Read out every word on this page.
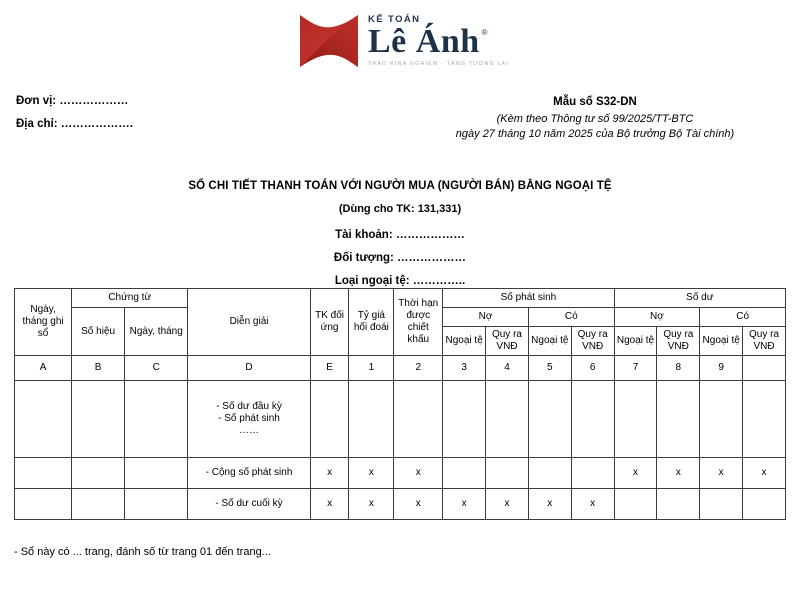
KẾ TOÁN
Lê Ánh ®
TRAO KINH NGHIỆM - TẶNG TƯƠNG LAI
Đơn vị: ………………
Địa chỉ: ……………….
Mẫu số S32-DN
(Kèm theo Thông tư số 99/2025/TT-BTC
ngày 27 tháng 10 năm 2025 của Bộ trưởng Bộ Tài chính)
SỔ CHI TIẾT THANH TOÁN VỚI NGƯỜI MUA (NGƯỜI BÁN) BẰNG NGOẠI TỆ
(Dùng cho TK: 131,331)
Tài khoản: ………………
Đối tượng: ………………
Loại ngoại tệ: …………..
Ngày, tháng ghi sổ	Chứng từ		Diễn giải	TK đối ứng	Tỷ giá hối đoái	Thời hạn được chiết khấu	Số phát sinh				Số dư			
	Số hiệu	Ngày, tháng					Nợ		Có		Nợ		Có	
							Ngoại tệ	Quy ra VNĐ	Ngoại tệ	Quy ra VNĐ	Ngoại tệ	Quy ra VNĐ	Ngoại tệ	Quy ra VNĐ
A	B	C	D	E	1	2	3	4	5	6	7	8	9	

			- Số dư đầu kỳ
- Số phát sinh
……											

			- Cộng số phát sinh	x	x	x					x	x	x	x
			- Số dư cuối kỳ	x	x	x	x	x	x	x				
- Sổ này có ... trang, đánh số từ trang 01 đến trang...
